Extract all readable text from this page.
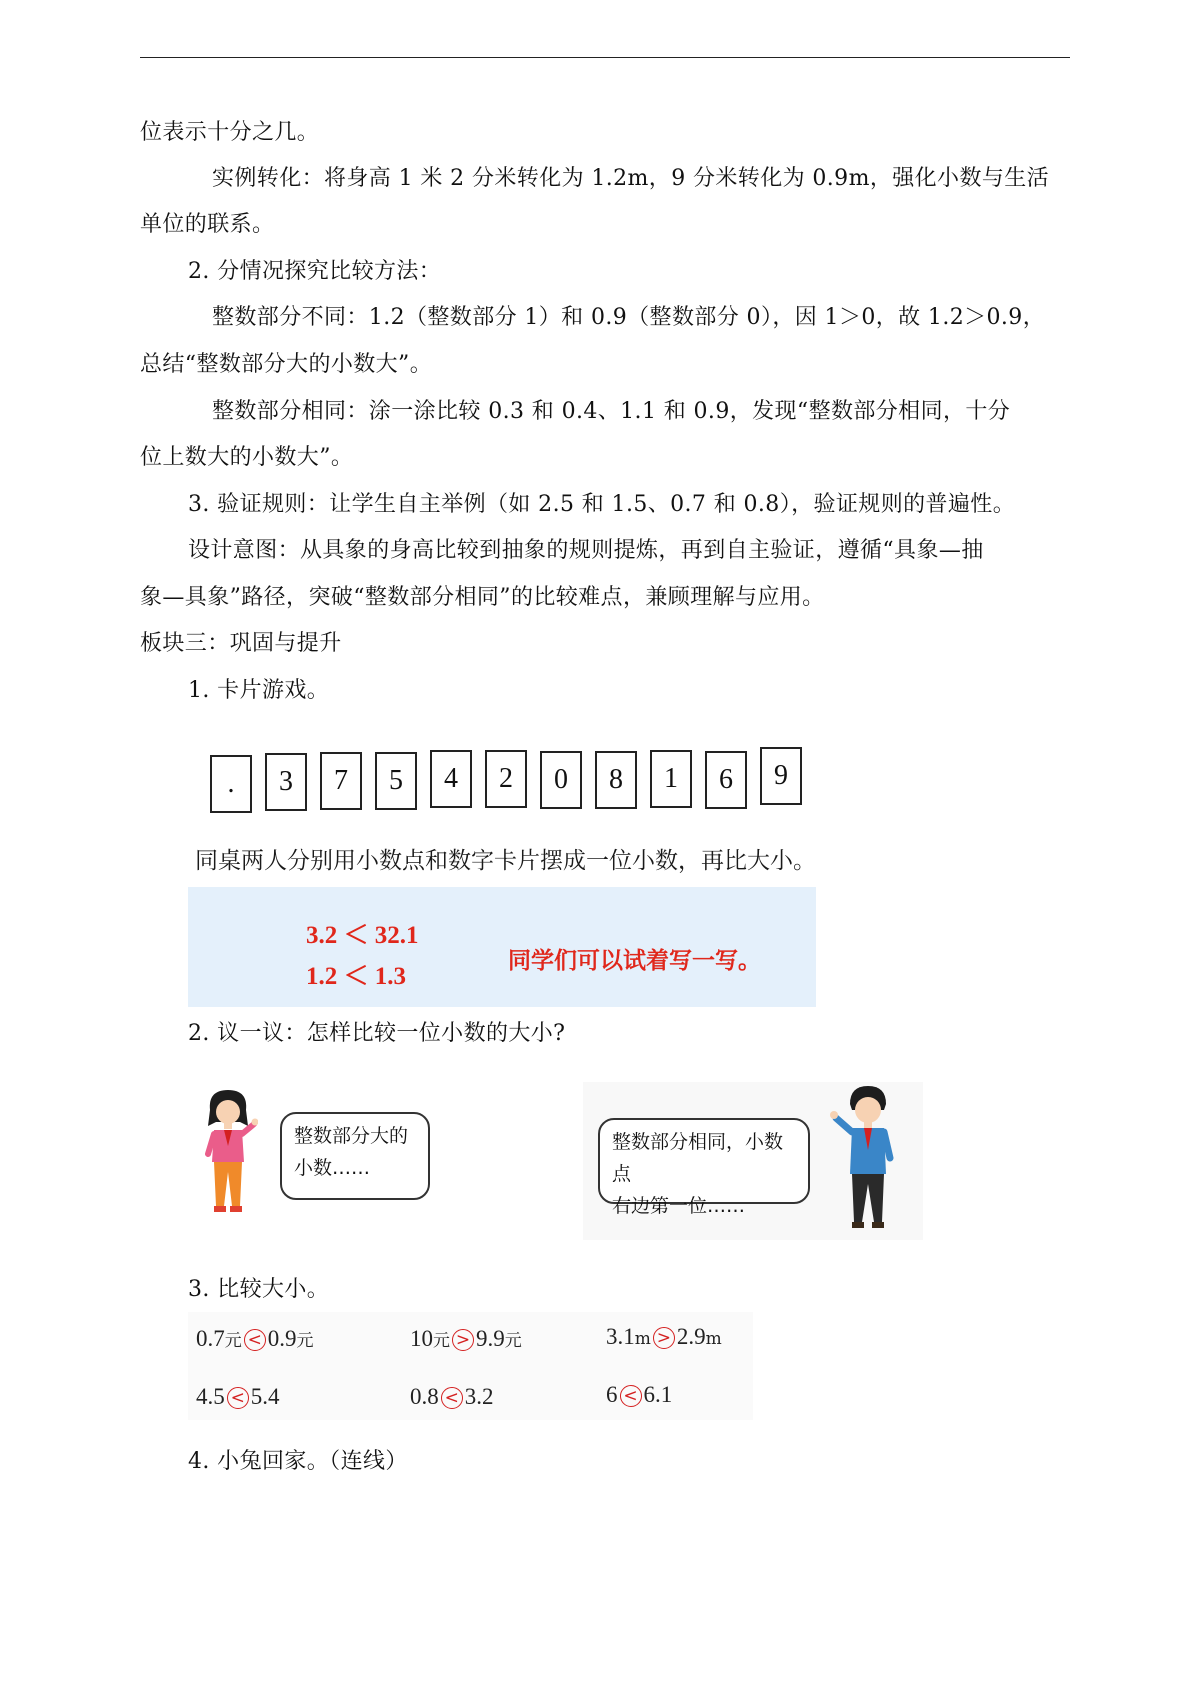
位表示十分之几。
实例转化：将身高 1 米 2 分米转化为 1.2m，9 分米转化为 0.9m，强化小数与生活
单位的联系。
2. 分情况探究比较方法：
整数部分不同：1.2（整数部分 1）和 0.9（整数部分 0），因 1＞0，故 1.2＞0.9，
总结“整数部分大的小数大”。
整数部分相同：涂一涂比较 0.3 和 0.4、1.1 和 0.9，发现“整数部分相同，十分
位上数大的小数大”。
3. 验证规则：让学生自主举例（如 2.5 和 1.5、0.7 和 0.8），验证规则的普遍性。
设计意图：从具象的身高比较到抽象的规则提炼，再到自主验证，遵循“具象—抽
象—具象”路径，突破“整数部分相同”的比较难点，兼顾理解与应用。
板块三：巩固与提升
1. 卡片游戏。
.	3	7	5	4	2	0	8	1	6	9
同桌两人分别用小数点和数字卡片摆成一位小数，再比大小。
3.2 ＜ 32.1
1.2 ＜ 1.3
同学们可以试着写一写。
2. 议一议：怎样比较一位小数的大小?
整数部分大的
小数……
整数部分相同，小数点
右边第一位……
3. 比较大小。
0.7元 < 0.9元	10元 > 9.9元	3.1m > 2.9m
4.5 < 5.4	0.8 < 3.2	6 < 6.1
4. 小兔回家。（连线）
